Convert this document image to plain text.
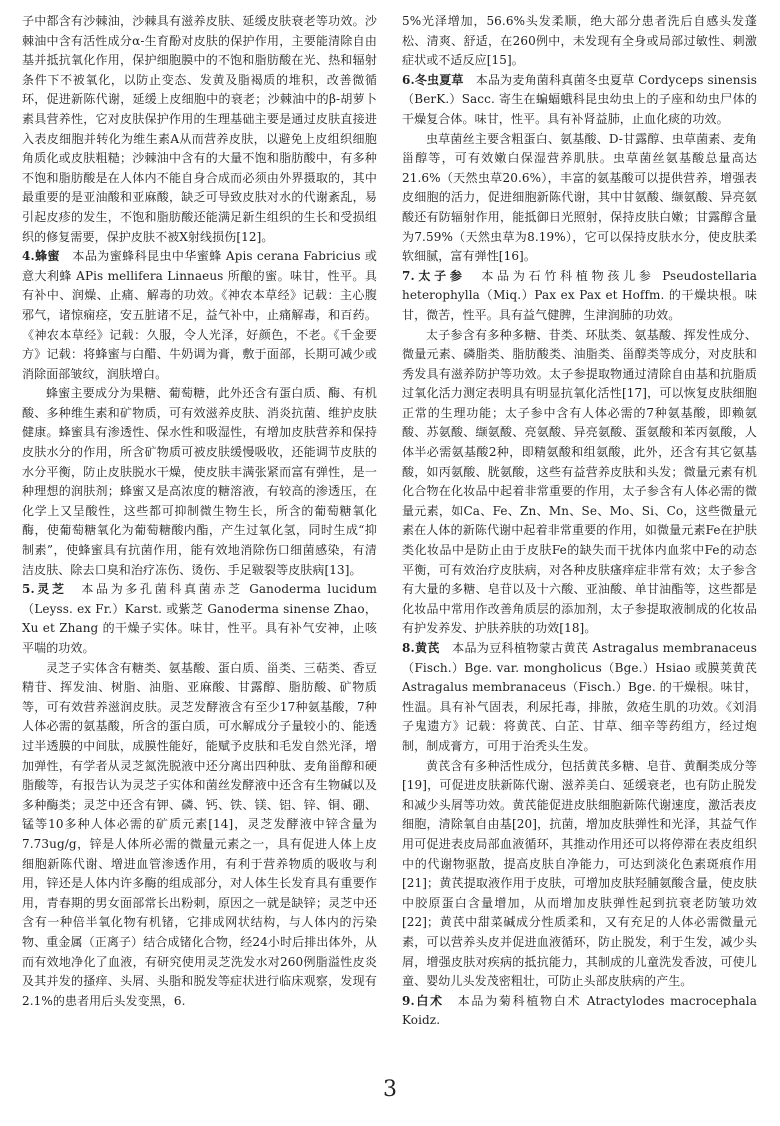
子中都含有沙棘油，沙棘具有滋养皮肤、延缓皮肤衰老等功效。沙棘油中含有活性成分α-生育酚对皮肤的保护作用，主要能清除自由基并抵抗氧化作用，保护细胞膜中的不饱和脂肪酸在光、热和辐射条件下不被氧化，以防止变态、发黄及脂褐质的堆积，改善微循环，促进新陈代谢，延缓上皮细胞中的衰老；沙棘油中的β-胡萝卜素具营养性，它对皮肤保护作用的生理基础主要是通过皮肤直接进入表皮细胞并转化为维生素A从而营养皮肤，以避免上皮组织细胞角质化或皮肤粗糙；沙棘油中含有的大量不饱和脂肪酸中，有多种不饱和脂肪酸是在人体内不能自身合成而必须由外界摄取的，其中最重要的是亚油酸和亚麻酸，缺乏可导致皮肤对水的代谢紊乱，易引起皮疹的发生，不饱和脂肪酸还能满足新生组织的生长和受损组织的修复需要，保护皮肤不被X射线损伤[12]。

4.蜂蜜　 本品为蜜蜂科昆虫中华蜜蜂 Apis cerana Fabricius 或意大利蜂 APis mellifera Linnaeus 所酿的蜜。味甘，性平。具有补中、润燥、止痛、解毒的功效。《神农本草经》记载：主心腹邪气，诸惊痫痉，安五脏诸不足，益气补中，止痛解毒，和百药。《神农本草经》记载：久服，令人光泽，好颜色，不老。《千金要方》记载：将蜂蜜与白醋、牛奶调为膏，敷于面部，长期可减少或消除面部皱纹，润肤增白。

蜂蜜主要成分为果糖、葡萄糖，此外还含有蛋白质、酶、有机酸、多种维生素和矿物质，可有效滋养皮肤、消炎抗菌、维护皮肤健康。蜂蜜具有渗透性、保水性和吸湿性，有增加皮肤营养和保持皮肤水分的作用，所含矿物质可被皮肤缓慢吸收，还能调节皮肤的水分平衡，防止皮肤脱水干燥，使皮肤丰满张紧而富有弹性，是一种理想的润肤剂；蜂蜜又是高浓度的糖溶液，有较高的渗透压，在化学上又呈酸性，这些都可抑制微生物生长，所含的葡萄糖氧化酶，使葡萄糖氧化为葡萄糖酸内酯，产生过氧化氢，同时生成“抑制素”，使蜂蜜具有抗菌作用，能有效地消除伤口细菌感染，有清洁皮肤、除去口臭和治疗冻伤、烫伤、手足皲裂等皮肤病[13]。

5.灵芝　 本品为多孔菌科真菌赤芝 Ganoderma lucidum（Leyss. ex Fr.）Karst. 或紫芝 Ganoderma sinense Zhao，Xu et Zhang 的干燥子实体。味甘，性平。具有补气安神，止咳平喘的功效。

灵芝子实体含有糖类、氨基酸、蛋白质、甾类、三萜类、香豆精苷、挥发油、树脂、油脂、亚麻酸、甘露醇、脂肪酸、矿物质等，可有效营养滋润皮肤。灵芝发酵液含有至少17种氨基酸，7种人体必需的氨基酸，所含的蛋白质，可水解成分子量较小的、能透过半透膜的中间肽，成膜性能好，能赋予皮肤和毛发自然光泽，增加弹性，有学者从灵芝氮洗脱液中还分离出四种肽、麦角甾醇和硬脂酸等，有报告认为灵芝子实体和菌丝发酵液中还含有生物碱以及多种酶类；灵芝中还含有钾、磷、钙、铁、镁、铝、锌、铜、硼、锰等10多种人体必需的矿质元素[14]，灵芝发酵液中锌含量为7.73ug/g，锌是人体所必需的微量元素之一，具有促进人体上皮细胞新陈代谢、增进血管渗透作用，有利于营养物质的吸收与利用，锌还是人体内许多酶的组成部分，对人体生长发育具有重要作用，青春期的男女面部常长出粉刺，原因之一就是缺锌；灵芝中还含有一种倍半氧化物有机锗，它排成网状结构，与人体内的污染物、重金属（正离子）结合成锗化合物，经24小时后排出体外，从而有效地净化了血液，有研究使用灵芝洗发水对260例脂溢性皮炎及其并发的搔痒、头屑、头脂和脱发等症状进行临床观察，发现有2.1%的患者用后头发变黑，6.

5%光泽增加，56.6%头发柔顺，绝大部分患者洗后自感头发蓬松、清爽、舒适，在260例中，未发现有全身或局部过敏性、刺激症状或不适反应[15]。

6.冬虫夏草　 本品为麦角菌科真菌冬虫夏草 Cordyceps sinensis（BerK.）Sacc. 寄生在蝙蝠蛾科昆虫幼虫上的子座和幼虫尸体的干燥复合体。味甘，性平。具有补肾益肺，止血化痰的功效。

虫草菌丝主要含粗蛋白、氨基酸、D-甘露醇、虫草菌素、麦角甾醇等，可有效嫩白保湿营养肌肤。虫草菌丝氨基酸总量高达21.6%（天然虫草20.6%），丰富的氨基酸可以提供营养，增强表皮细胞的活力，促进细胞新陈代谢，其中甘氨酸、缬氨酸、异亮氨酸还有防辐射作用，能抵御日光照射，保持皮肤白嫩；甘露醇含量为7.59%（天然虫草为8.19%），它可以保持皮肤水分，使皮肤柔软细腻，富有弹性[16]。

7.太子参　 本品为石竹科植物孩儿参 Pseudostellaria heterophylla（Miq.）Pax ex Pax et Hoffm. 的干燥块根。味甘，微苦，性平。具有益气健脾，生津润肺的功效。

太子参含有多种多糖、苷类、环肽类、氨基酸、挥发性成分、微量元素、磷脂类、脂肪酸类、油脂类、甾醇类等成分，对皮肤和秀发具有滋养防护等功效。太子参提取物通过清除自由基和抗脂质过氧化活力测定表明具有明显抗氧化活性[17]，可以恢复皮肤细胞正常的生理功能；太子参中含有人体必需的7种氨基酸，即赖氨酸、苏氨酸、缬氨酸、亮氨酸、异亮氨酸、蛋氨酸和苯丙氨酸，人体半必需氨基酸2种，即精氨酸和组氨酸，此外，还含有其它氨基酸，如丙氨酸、胱氨酸，这些有益营养皮肤和头发；微量元素有机化合物在化妆品中起着非常重要的作用，太子参含有人体必需的微量元素，如Ca、Fe、Zn、Mn、Se、Mo、Si、Co，这些微量元素在人体的新陈代谢中起着非常重要的作用，如微量元素Fe在护肤类化妆品中是防止由于皮肤Fe的缺失而干扰体内血浆中Fe的动态平衡，可有效治疗皮肤病，对各种皮肤瘙痒症非常有效；太子参含有大量的多糖、皂苷以及十六酸、亚油酸、单甘油酯等，这些都是化妆品中常用作改善角质层的添加剂，太子参提取液制成的化妆品有护发养发、护肤养肤的功效[18]。

8.黄芪　 本品为豆科植物蒙古黄芪 Astragalus membranaceus（Fisch.）Bge. var. mongholicus（Bge.）Hsiao 或膜荚黄芪 Astragalus membranaceus（Fisch.）Bge. 的干燥根。味甘，性温。具有补气固表，利尿托毒，排脓，敛疮生肌的功效。《刘涓子鬼遗方》记载：将黄芪、白芷、甘草、细辛等药组方，经过炮制，制成膏方，可用于治秃头生发。

黄芪含有多种活性成分，包括黄芪多糖、皂苷、黄酮类成分等[19]，可促进皮肤新陈代谢、滋养美白、延缓衰老，也有防止脱发和减少头屑等功效。黄芪能促进皮肤细胞新陈代谢速度，激活表皮细胞，清除氧自由基[20]，抗菌，增加皮肤弹性和光泽，其益气作用可促进表皮局部血液循环，其推动作用还可以将停滞在表皮组织中的代谢物驱散，提高皮肤自净能力，可达到淡化色素斑痕作用[21]；黄芪提取液作用于皮肤，可增加皮肤羟脯氨酸含量，使皮肤中胶原蛋白含量增加，从而增加皮肤弹性起到抗衰老防皱功效[22]；黄芪中甜菜碱成分性质柔和，又有充足的人体必需微量元素，可以营养头皮并促进血液循环，防止脱发，利于生发，减少头屑，增强皮肤对疾病的抵抗能力，其制成的儿童洗发香波，可使儿童、婴幼儿头发茂密粗壮，可防止头部皮肤病的产生。

9.白术　 本品为菊科植物白术 Atractylodes macrocephala Koidz.

3
